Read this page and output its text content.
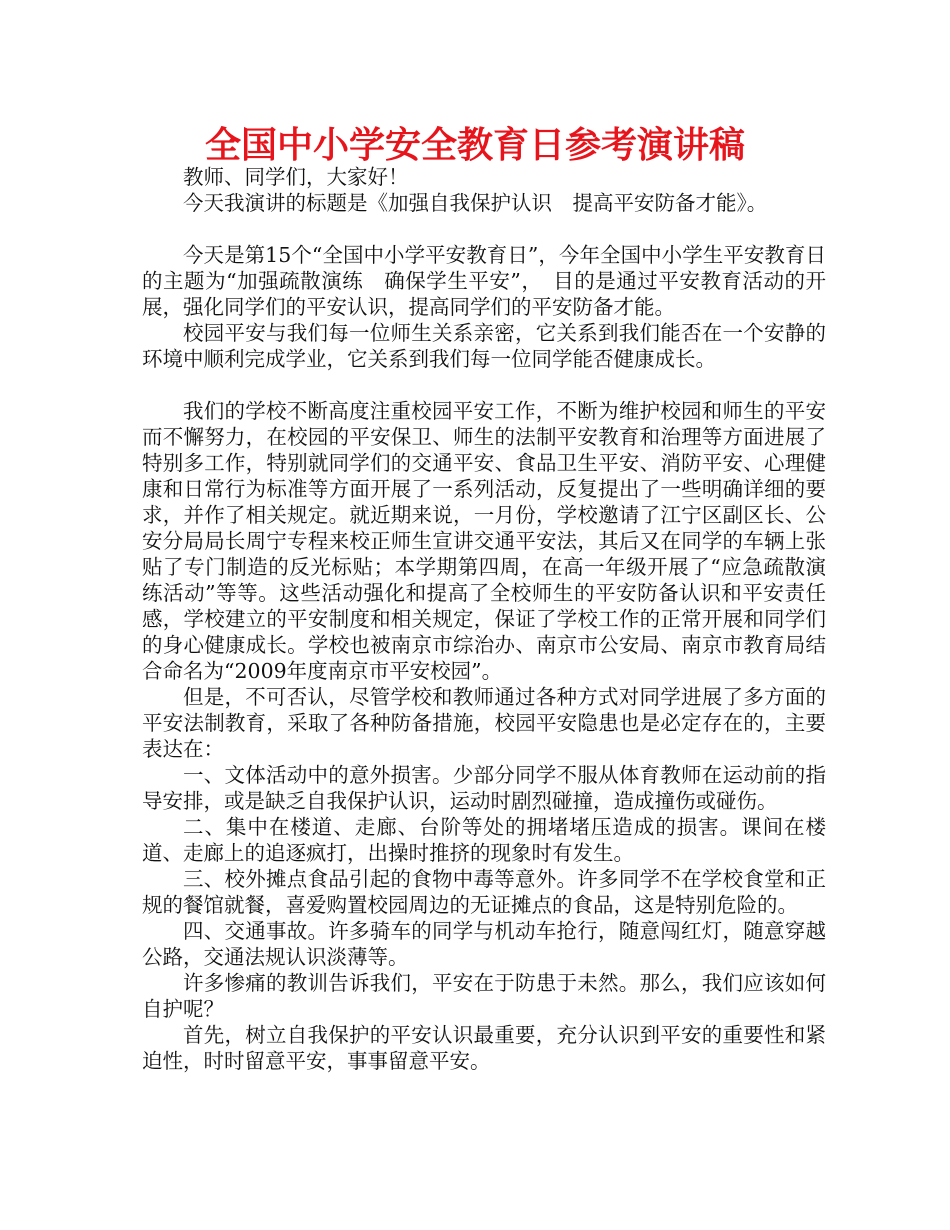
全国中小学安全教育日参考演讲稿

教师、同学们，大家好！

今天我演讲的标题是《加强自我保护认识　提高平安防备才能》。

今天是第15个“全国中小学平安教育日”，今年全国中小学生平安教育日的主题为“加强疏散演练　确保学生平安”，　目的是通过平安教育活动的开展，强化同学们的平安认识，提高同学们的平安防备才能。

校园平安与我们每一位师生关系亲密，它关系到我们能否在一个安静的环境中顺利完成学业，它关系到我们每一位同学能否健康成长。

我们的学校不断高度注重校园平安工作，不断为维护校园和师生的平安而不懈努力，在校园的平安保卫、师生的法制平安教育和治理等方面进展了特别多工作，特别就同学们的交通平安、食品卫生平安、消防平安、心理健康和日常行为标准等方面开展了一系列活动，反复提出了一些明确详细的要求，并作了相关规定。就近期来说，一月份，学校邀请了江宁区副区长、公安分局局长周宁专程来校正师生宣讲交通平安法，其后又在同学的车辆上张贴了专门制造的反光标贴；本学期第四周，在高一年级开展了“应急疏散演练活动”等等。这些活动强化和提高了全校师生的平安防备认识和平安责任感，学校建立的平安制度和相关规定，保证了学校工作的正常开展和同学们的身心健康成长。学校也被南京市综治办、南京市公安局、南京市教育局结合命名为“2009年度南京市平安校园”。

但是，不可否认，尽管学校和教师通过各种方式对同学进展了多方面的平安法制教育，采取了各种防备措施，校园平安隐患也是必定存在的，主要表达在：

一、文体活动中的意外损害。少部分同学不服从体育教师在运动前的指导安排，或是缺乏自我保护认识，运动时剧烈碰撞，造成撞伤或碰伤。

二、集中在楼道、走廊、台阶等处的拥堵堵压造成的损害。课间在楼道、走廊上的追逐疯打，出操时推挤的现象时有发生。

三、校外摊点食品引起的食物中毒等意外。许多同学不在学校食堂和正规的餐馆就餐，喜爱购置校园周边的无证摊点的食品，这是特别危险的。

四、交通事故。许多骑车的同学与机动车抢行，随意闯红灯，随意穿越公路，交通法规认识淡薄等。

许多惨痛的教训告诉我们，平安在于防患于未然。那么，我们应该如何自护呢？

首先，树立自我保护的平安认识最重要，充分认识到平安的重要性和紧迫性，时时留意平安，事事留意平安。
